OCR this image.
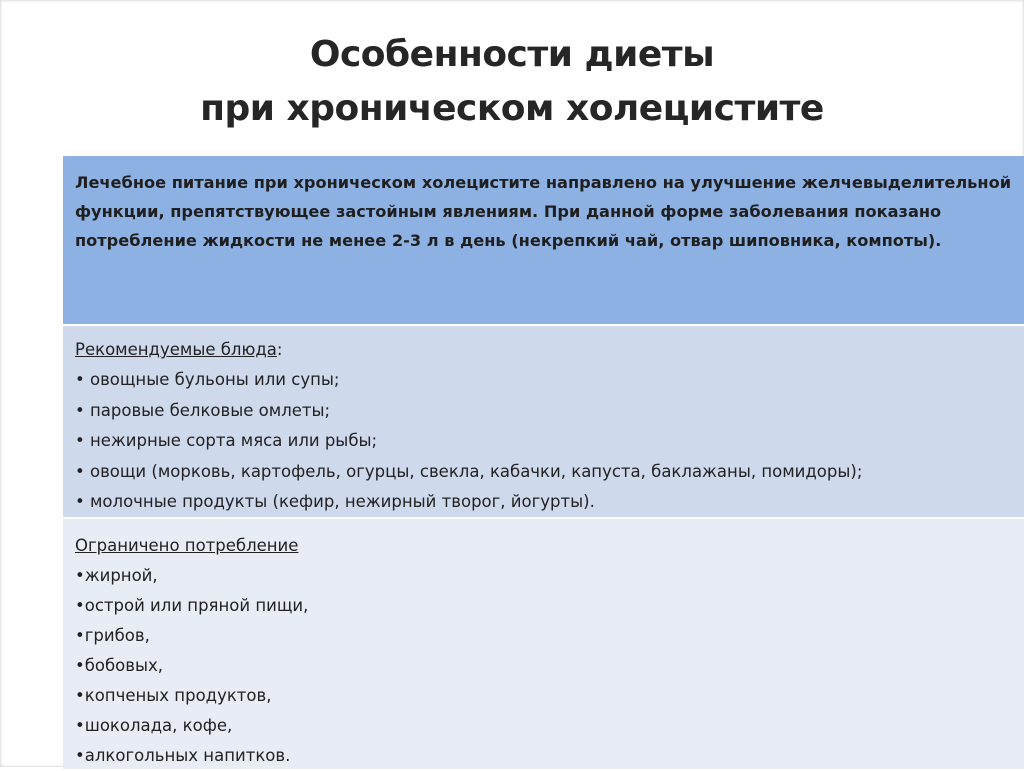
Особенности диеты
при хроническом холецистите

Лечебное питание при хроническом холецистите направлено на улучшение желчевыделительной функции, препятствующее застойным явлениям. При данной форме заболевания показано потребление жидкости не менее 2-3 л в день (некрепкий чай, отвар шиповника, компоты).

Рекомендуемые блюда:

• овощные бульоны или супы;
• паровые белковые омлеты;
• нежирные сорта мяса или рыбы;
• овощи (морковь, картофель, огурцы, свекла, кабачки, капуста, баклажаны, помидоры);
• молочные продукты (кефир, нежирный творог, йогурты).

Ограничено потребление

•жирной,
•острой или пряной пищи,
•грибов,
•бобовых,
•копченых продуктов,
•шоколада, кофе,
•алкогольных напитков.
